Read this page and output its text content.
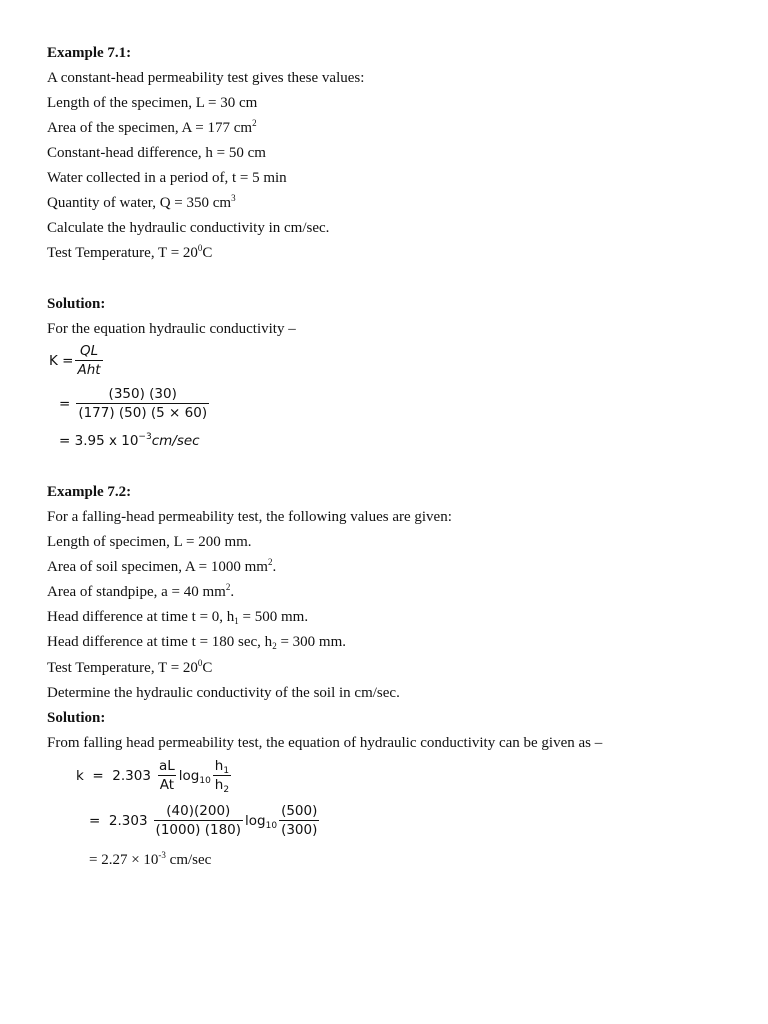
Example 7.1:
A constant-head permeability test gives these values:
Length of the specimen, L = 30 cm
Area of the specimen, A = 177 $cm^2$
Constant-head difference, h = 50 cm
Water collected in a period of, t = 5 min
Quantity of water, Q = 350 $cm^3$
Calculate the hydraulic conductivity in cm/sec.
Test Temperature, $T = 20^0C$
Solution:
For the equation hydraulic conductivity –
$K = \frac{QL}{\text{Aht}}$
= $\frac{(350) (30)}{(177) (50) (5 \times 60)}$
= 3.95 x $10^{-3}cm/\sec$
Example 7.2:
For a falling-head permeability test, the following values are given:
Length of specimen, L = 200 mm.
Area of soil specimen, A = 1000 $mm^2$.
Area of standpipe, a = 40 $mm^2$.
Head difference at time t = 0, $h_1 = 500$ mm.
Head difference at time t = 180 sec, $h_2 = 300$ mm.
Test Temperature, $T = 20^0C$
Determine the hydraulic conductivity of the soil in cm/sec.
Solution:
From falling head permeability test, the equation of hydraulic conductivity can be given as –
$k = 2.303 \frac{aL}{At} \log_{10} \frac{h_1}{h_2}$
=  $2.303 \frac{(40)(200)}{(1000) (180)} \log_{10} \frac{(500)}{(300)}$
= $2.27 \times 10^{-3}$ cm/sec
